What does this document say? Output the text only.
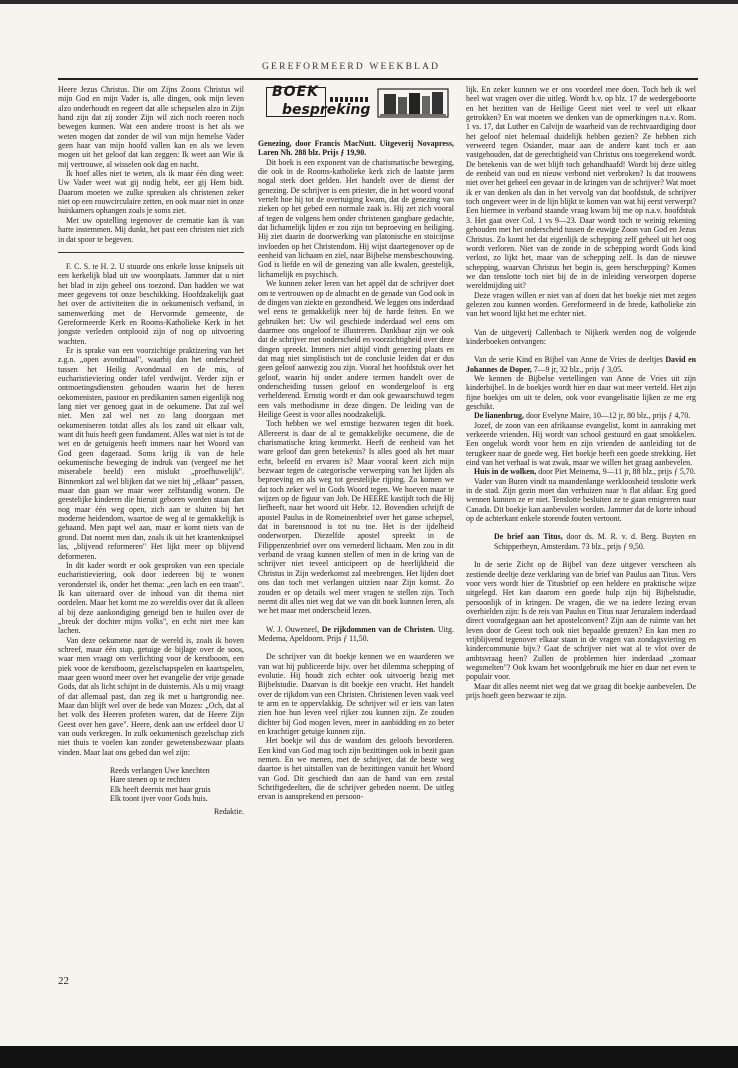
GEREFORMEERD WEEKBLAD

Heere Jezus Christus. Die om Zijns Zoons Christus wil mijn God en mijn Vader is, alle dingen, ook mijn leven alzo onderhoudt en regeert dat alle schepselen alzo in Zijn hand zijn dat zij zonder Zijn wil zich noch roeren noch bewegen kunnen. Wat een andere troost is het als we weten mogen dat zonder de wil van mijn hemelse Vader geen haar van mijn hoofd vallen kan en als we leven mogen uit het geloof dat kan zeggen: Ik weet aan Wie ik mij vertrouwe, al wisselen ook dag en nacht.

Ik hoef alles niet te weten, als ik maar één ding weet: Uw Vader weet wat gij nodig hebt, eer gij Hem bidt. Daarom moeten we zulke spreuken als christenen zeker niet op een rouwcirculaire zetten, en ook maar niet in onze huiskamers ophangen zoals je soms ziet.

Met uw opstelling tegenover de crematie kan ik van harte instemmen. Mij dunkt, het past een christen niet zich in dat spoor te begeven.

F. C. S. te H. 2. U stuurde ons enkele losse knipsels uit een kerkelijk blad uit uw woonplaats. Jammer dat u niet het blad in zijn geheel ons toezond. Dan hadden we wat meer gegevens tot onze beschikking. Hoofdzakelijk gaat het over de activiteiten die in oekumenisch verband, in samenwerking met de Hervormde gemeente, de Gereformeerde Kerk en Rooms-Katholieke Kerk in het jongste verleden ontplooid zijn of nog op uitvoering wachten.

Er is sprake van een voorzichtige praktizering van het z.g.n. „open avondmaal", waarbij dan het onderscheid tussen het Heilig Avondmaal en de mis, of eucharistieviering onder tafel verdwijnt. Verder zijn er ontmoetingsdiensten gehouden waarin het de heren oekomenisten, pastoor en predikanten samen eigenlijk nog lang niet ver genoeg gaat in de oekumene. Dat zal wel niet. Men zal wel net zo lang doorgaan met oekumeniseren totdat alles als los zand uit elkaar valt, want dit huis heeft geen fundament. Alles wat niet is tot de wet en de getuigenis heeft immers naar het Woord van God geen dageraad. Soms krijg ik van de hele oekumenische beweging de indruk van (vergeef me het miserabele beeld) een mislukt „proefhuwelijk". Binnenkort zal wel blijken dat we niet bij „elkaar" passen, maar dan gaan we maar weer zelfstandig wonen. De geestelijke kinderen die hieruit geboren worden staan dan nog maar één weg open, zich aan te sluiten bij het moderne heidendom, waartoe de weg al te gemakkelijk is gebaand. Men papt wel aan, maar er komt niets van de grond. Dat noemt men dan, zoals ik uit het krantenknipsel las, „blijvend reformeren" Het lijkt meer op blijvend deformeren.

In dit kader wordt er ook gesproken van een speciale eucharistieviering, ook door iedereen bij te wonen veronderstel ik, onder het thema: „een lach en een traan". Ik kan uiteraard over de inhoud van dit thema niet oordelen. Maar het komt me zo wereldis over dat ik alleen al bij deze aankondiging geneigd ben te huilen over de „breuk der dochter mijns volks", en echt niet mee kan lachen.

Van deze oekumene naar de wereld is, zoals ik boven schreef, maar één stap, getuige de bijlage over de soos, waar men vraagt om verlichting voor de kerstboom, een piek voor de kerstboom, gezelschapspelen en kaartspelen, maar geen woord meer over het evangelie der vrije genade Gods, dat als licht schijnt in de duisternis. Als u mij vraagt of dat allemaal past, dan zeg ik met u hartgrondig nee. Maar dan blijft wel over de bede van Mozes: „Och, dat al het volk des Heeren profeten waren, dat de Heere Zijn Geest over hen gave". Heere, denk aan uw erfdeel door U van ouds verkregen. In zulk oekumenisch gezelschap zich niet thuis te voelen kan zonder gewetensbezwaar plaats vinden. Maar laat ons gebed dan wel zijn:

Reeds verlangen Uwe knechten
Hare stenen op te rechten
Elk heeft deernis met haar gruis
Elk toont ijver voor Gods huis.
Redaktie.
BOEK
bespreking

Genezing, door Francis MacNutt. Uitgeverij Novapress, Laren Nh. 288 blz. Prijs ƒ 19,90.

Dit boek is een exponent van de charismatische beweging, die ook in de Rooms-katholieke kerk zich de laatste jaren nogal sterk doet gelden. Het handelt over de dienst der genezing. De schrijver is een priester, die in het woord vooraf vertelt hoe hij tot de overtuiging kwam, dat de genezing van zieken op het gebed een normale zaak is. Hij zet zich vooral af tegen de volgens hem onder christenen gangbare gedachte, dat lichamelijk lijden er zou zijn tot beproeving en heiliging. Hij ziet daarin de doorwerking van platonische en stoicijnse invloeden op het Christendom. Hij wijst daartegenover op de eenheid van lichaam en ziel, naar Bijbelse mensbeschouwing. God is liefde en wil de genezing van alle kwalen, geestelijk, lichamelijk en psychisch.

We kunnen zeker leren van het appèl dat de schrijver doet om te vertrouwen op de almacht en de genade van God ook in de dingen van ziekte en gezondheid. We leggen ons inderdaad wel eens te gemakkelijk neer bij de harde feiten. En we gebruiken het: Uw wil geschiede inderdaad wel eens om daarmee ons ongeloof te illustreren. Dankbaar zijn we ook dat de schrijver met onderscheid en voorzichtigheid over deze dingen spreekt. Immers niet altijd vindt genezing plaats en dat mag niet simplistisch tot de conclusie leiden dat er dus geen geloof aanwezig zou zijn. Vooral het hoofdstuk over het geloof, waarin hij onder andere termen handelt over de onderscheiding tussen geloof en wondergeloof is erg verhelderend. Ernstig wordt er dan ook gewaarschuwd tegen een vals methodisme in deze dingen. De leiding van de Heilige Geest is voor alles noodzakelijk.

Toch hebben we wel ernstige bezwaren tegen dit boek. Allereerst is daar de al te gemakkelijke oecumene, die de charismatische kring kenmerkt. Heeft de eenheid van het ware geloof dan geen betekenis? Is alles goed als het maar echt, beleefd en ervaren is? Maar vooral keert zich mijn bezwaar tegen de categorische verwerping van het lijden als beproeving en als weg tot geestelijke rijping. Zo komen we dat toch zeker wel in Gods Woord tegen. We hoeven maar te wijzen op de figuur van Job. De HEERE kastijdt toch die Hij liefheeft, naar het woord uit Hebr. 12. Bovendien schrijft de apostel Paulus in de Romeinenbrief over het ganse schepsel, dat in barensnood is tot nu toe. Het is der ijdelheid onderworpen. Diezelfde apostel spreekt in de Filippenzenbrief over ons vernederd lichaam. Men zou in dit verband de vraag kunnen stellen of men in de kring van de schrijver niet teveel anticipeert op de heerlijkheid die Christus in Zijn wederkomst zal meebrengen. Het lijden doet ons dan toch met verlangen uitzien naar Zijn komst. Zo zouden er op details wel meer vragen te stellen zijn. Toch neemt dit alles niet weg dat we van dit boek kunnen leren, als we het maar met onderscheid lezen.

W. J. Ouweneel, De rijkdommen van de Christen. Uitg. Medema, Apeldoorn. Prijs ƒ 11,50.

De schrijver van dit boekje kennen we en waarderen we van wat hij publiceerde bijv. over het dilemma schepping of evolutie. Hij houdt zich echter ook uitvoerig bezig met Bijbelstudie. Daarvan is dit boekje een vrucht. Het handelt over de rijkdom van een Christen. Christenen leven vaak veel te arm en te oppervlakkig. De schrijver wil er iets van laten zien hoe hun leven veel rijker zou kunnen zijn. Ze zouden dichter bij God mogen leven, meer in aanbidding en zo beter en krachtiger getuige kunnen zijn.

Het boekje wil dus de wasdom des geloofs bevorderen. Een kind van God mag toch zijn bezittingen ook in bezit gaan nemen. En we menen, met de schrijver, dat de beste weg daartoe is het uitstallen van de bezittingen vanuit het Woord van God. Dit geschiedt dan aan de hand van een zestal Schriftgedeelten, die de schrijver gebeden noemt. De uitleg ervan is aansprekend en persoon-

lijk. En zeker kunnen we er ons voordeel mee doen. Toch heb ik wel heel wat vragen over die uitleg. Wordt b.v. op blz. 17 de wedergeboorte en het bezitten van de Heilige Geest niet veel te veel uit elkaar getrokken? En wat moeten we denken van de opmerkingen n.a.v. Rom. 1 vs. 17, dat Luther en Calvijn de waarheid van de rechtvaardiging door het geloof niet helemaal duidelijk hebben gezien? Ze hebben zich verweerd tegen Osiander, maar aan de andere kant toch er aan vastgehouden, dat de gerechtigheid van Christus ons toegerekend wordt. De betekenis van de wet blijft toch gehandhaafd! Wordt bij deze uitleg de eenheid van oud en nieuw verbond niet verbroken? Is dat trouwens niet over het geheel een gevaar in de kringen van de schrijver? Wat moet ik er van denken als dan in het vervolg van dat hoofdstuk, de schrijver toch ongeveer weer in de lijn blijkt te komen van wat hij eerst verwerpt? Een hiermee in verband staande vraag kwam bij me op n.a.v. hoofdstuk 3. Het gaat over Col. 1 vs 9—23. Daar wordt toch te weinig rekening gehouden met het onderscheid tussen de euwige Zoon van God en Jezus Christus. Zo komt het dat eigenlijk de schepping zelf geheel uit het oog wordt verloren. Niet van de zonde in de schepping wordt Gods kind verlost, zo lijkt het, maar van de schepping zelf. Is dan de nieuwe schepping, waarvan Christus het begin is, geen herschepping? Komen we dan tenslotte toch niet bij de in de inleiding verworpen doperse wereldmijding uit?

Deze vragen willen er niet van af doen dat het boekje niet met zegen gelezen zou kunnen worden. Gereformeerd in de brede, katholieke zin van het woord lijkt het me echter niet.

Van de uitgeverij Callenbach te Nijkerk werden nog de volgende kinderboeken ontvangen:

Van de serie Kind en Bijbel van Anne de Vries de deeltjes David en Johannes de Doper, 7—9 jr, 32 blz., prijs ƒ 3,05.

We kennen de Bijbelse vertellingen van Anne de Vries uit zijn kinderbijbel. In de boekjes wordt hier en daar wat meer verteld. Het zijn fijne boekjes om uit te delen, ook voor evangelisatie lijken ze me erg geschikt.

De lianenbrug, door Evelyne Maire, 10—12 jr, 80 blz., prijs ƒ 4,70.

Jozef, de zoon van een afrikaanse evangelist, komt in aanraking met verkeerde vrienden. Hij wordt van school gestuurd en gaat smokkelen. Een ongeluk wordt voor hem en zijn vrienden de aanleiding tot de terugkeer naar de goede weg. Het boekje heeft een goede strekking. Het eind van het verhaal is wat zwak, maar we willen het graag aanbevelen.

Huis in de wolken, door Piet Meinema, 9—11 jr, 88 blz., prijs ƒ 5,70.

Vader van Buren vindt na maandenlange werkloosheid tenslotte werk in de stad. Zijn gezin moet dan verhuizen naar 'n flat aldaar. Erg goed wennen kunnen ze er niet. Tenslotte besluiten ze te gaan emigreren naar Canada. Dit boekje kan aanbevolen worden. Jammer dat de korte inhoud op de achterkant enkele storende fouten vertoont.

De brief aan Titus, door ds. M. R. v. d. Berg. Buyten en Schipperheyn, Amsterdam. 73 blz., prijs ƒ 9,50.

In de serie Zicht op de Bijbel van deze uitgever verscheen als zestiende deeltje deze verklaring van de brief van Paulus aan Titus. Vers voor vers wordt hier de Titusbrief op een heldere en praktische wijze uitgelegd. Het kan daarom een goede hulp zijn bij Bijbelstudie, persoonlijk of in kringen. De vragen, die we na iedere lezing ervan overhielden zijn: Is de reis van Paulus en Titus naar Jeruzalem inderdaad direct voorafgegaan aan het apostelconvent? Zijn aan de ruimte van het leven door de Geest toch ook niet bepaalde grenzen? En kan men zo vrijblijvend tegenover elkaar staan in de vragen van zondagsviering en kindercommunie bijv.? Gaat de schrijver niet wat al te vlot over de ambtsvraag heen? Zullen de problemen hier inderdaad „zomaar wegsmelten"? Ook kwam het woordgebruik me hier en daar net even te populair voor.

Maar dit alles neemt niet weg dat we graag dit boekje aanbevelen. De prijs hoeft geen bezwaar te zijn.

22
